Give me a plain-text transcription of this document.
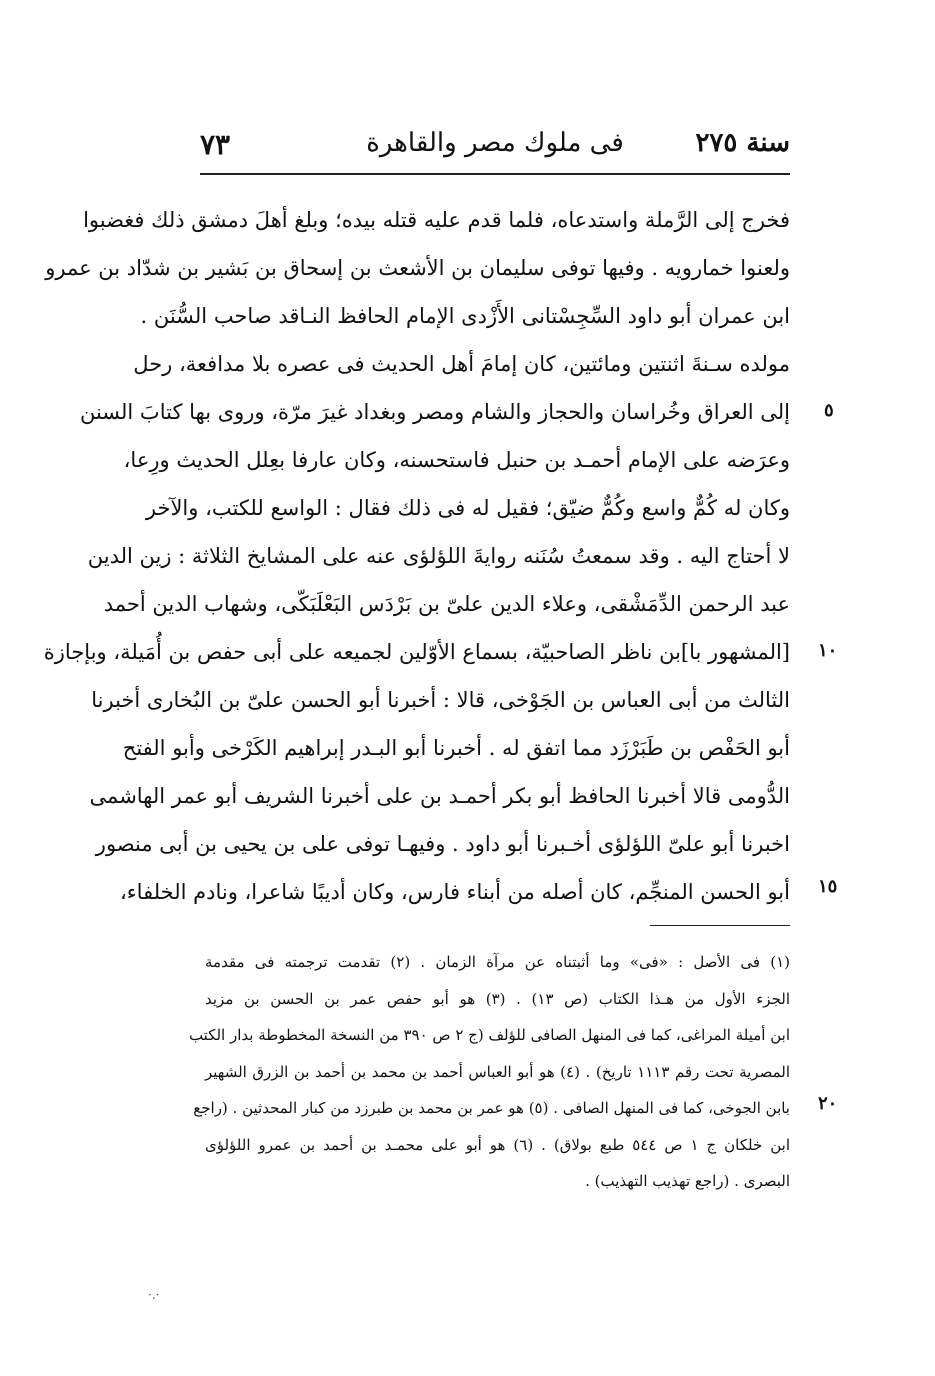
سنة ٢٧٥
فى ملوك مصر والقاهرة
٧٣
فخرج إلى الرَّملة واستدعاه، فلما قدم عليه قتله بيده؛ وبلغ أهلَ دمشق ذلك فغضبوا
ولعنوا خمارويه . وفيها توفى سليمان بن الأشعث بن إسحاق بن بَشير بن شدّاد بن عمرو
ابن عمران أبو داود السِّجِسْتانى الأَزْدى الإمام الحافظ النـاقد صاحب السُّنَن .
مولده سـنةَ اثنتين ومائتين، كان إمامَ أهل الحديث فى عصره بلا مدافعة، رحل
إلى العراق وخُراسان والحجاز والشام ومصر وبغداد غيرَ مرّة، وروى بها كتابَ السنن
وعرَضه على الإمام أحمـد بن حنبل فاستحسنه، وكان عارفا بعِلل الحديث ورِعا،
وكان له كُمٌّ واسع وكُمٌّ ضيّق؛ فقيل له فى ذلك فقال : الواسع للكتب، والآخر
لا أحتاج اليه . وقد سمعتُ سُنَنه روايةَ اللؤلؤى عنه على المشايخ الثلاثة : زين الدين
عبد الرحمن الدِّمَشْقى، وعلاء الدين علىّ بن بَرْدَس البَعْلَبَكّى، وشهاب الدين أحمد
[المشهور با]بن ناظر الصاحبيّة، بسماع الأوّلين لجميعه على أبى حفص بن أُمَيلة، وبإجازة
الثالث من أبى العباس بن الجَوْخى، قالا : أخبرنا أبو الحسن علىّ بن البُخارى أخبرنا
أبو الحَفْص بن طَبَرْزَد مما اتفق له . أخبرنا أبو البـدر إبراهيم الكَرْخى وأبو الفتح
الدُّومى قالا أخبرنا الحافظ أبو بكر أحمـد بن على أخبرنا الشريف أبو عمر الهاشمى
اخبرنا أبو علىّ اللؤلؤى أخـبرنا أبو داود . وفيهـا توفى على بن يحيى بن أبى منصور
أبو الحسن المنجِّم، كان أصله من أبناء فارس، وكان أديبًا شاعرا، ونادم الخلفاء،
٥
١٠
١٥
٢٠
(١) فى الأصل : «فى» وما أثبتناه عن مرآة الزمان . (٢) تقدمت ترجمته فى مقدمة
الجزء الأول من هـذا الكتاب (ص ١٣) . (٣) هو أبو حفص عمر بن الحسن بن مزيد
ابن أميلة المراغى، كما فى المنهل الصافى للؤلف (ج ٢ ص ٣٩٠ من النسخة المخطوطة بدار الكتب
المصرية تحت رقم ١١١٣ تاريخ) . (٤) هو أبو العباس أحمد بن محمد بن أحمد بن الزرق الشهير
بابن الجوخى، كما فى المنهل الصافى . (٥) هو عمر بن محمد بن طبرزد من كبار المحدثين . (راجع
ابن خلكان ج ١ ص ٥٤٤ طبع بولاق) . (٦) هو أبو على محمـد بن أحمد بن عمرو اللؤلؤى
البصرى . (راجع تهذيب التهذيب) .
·.·
